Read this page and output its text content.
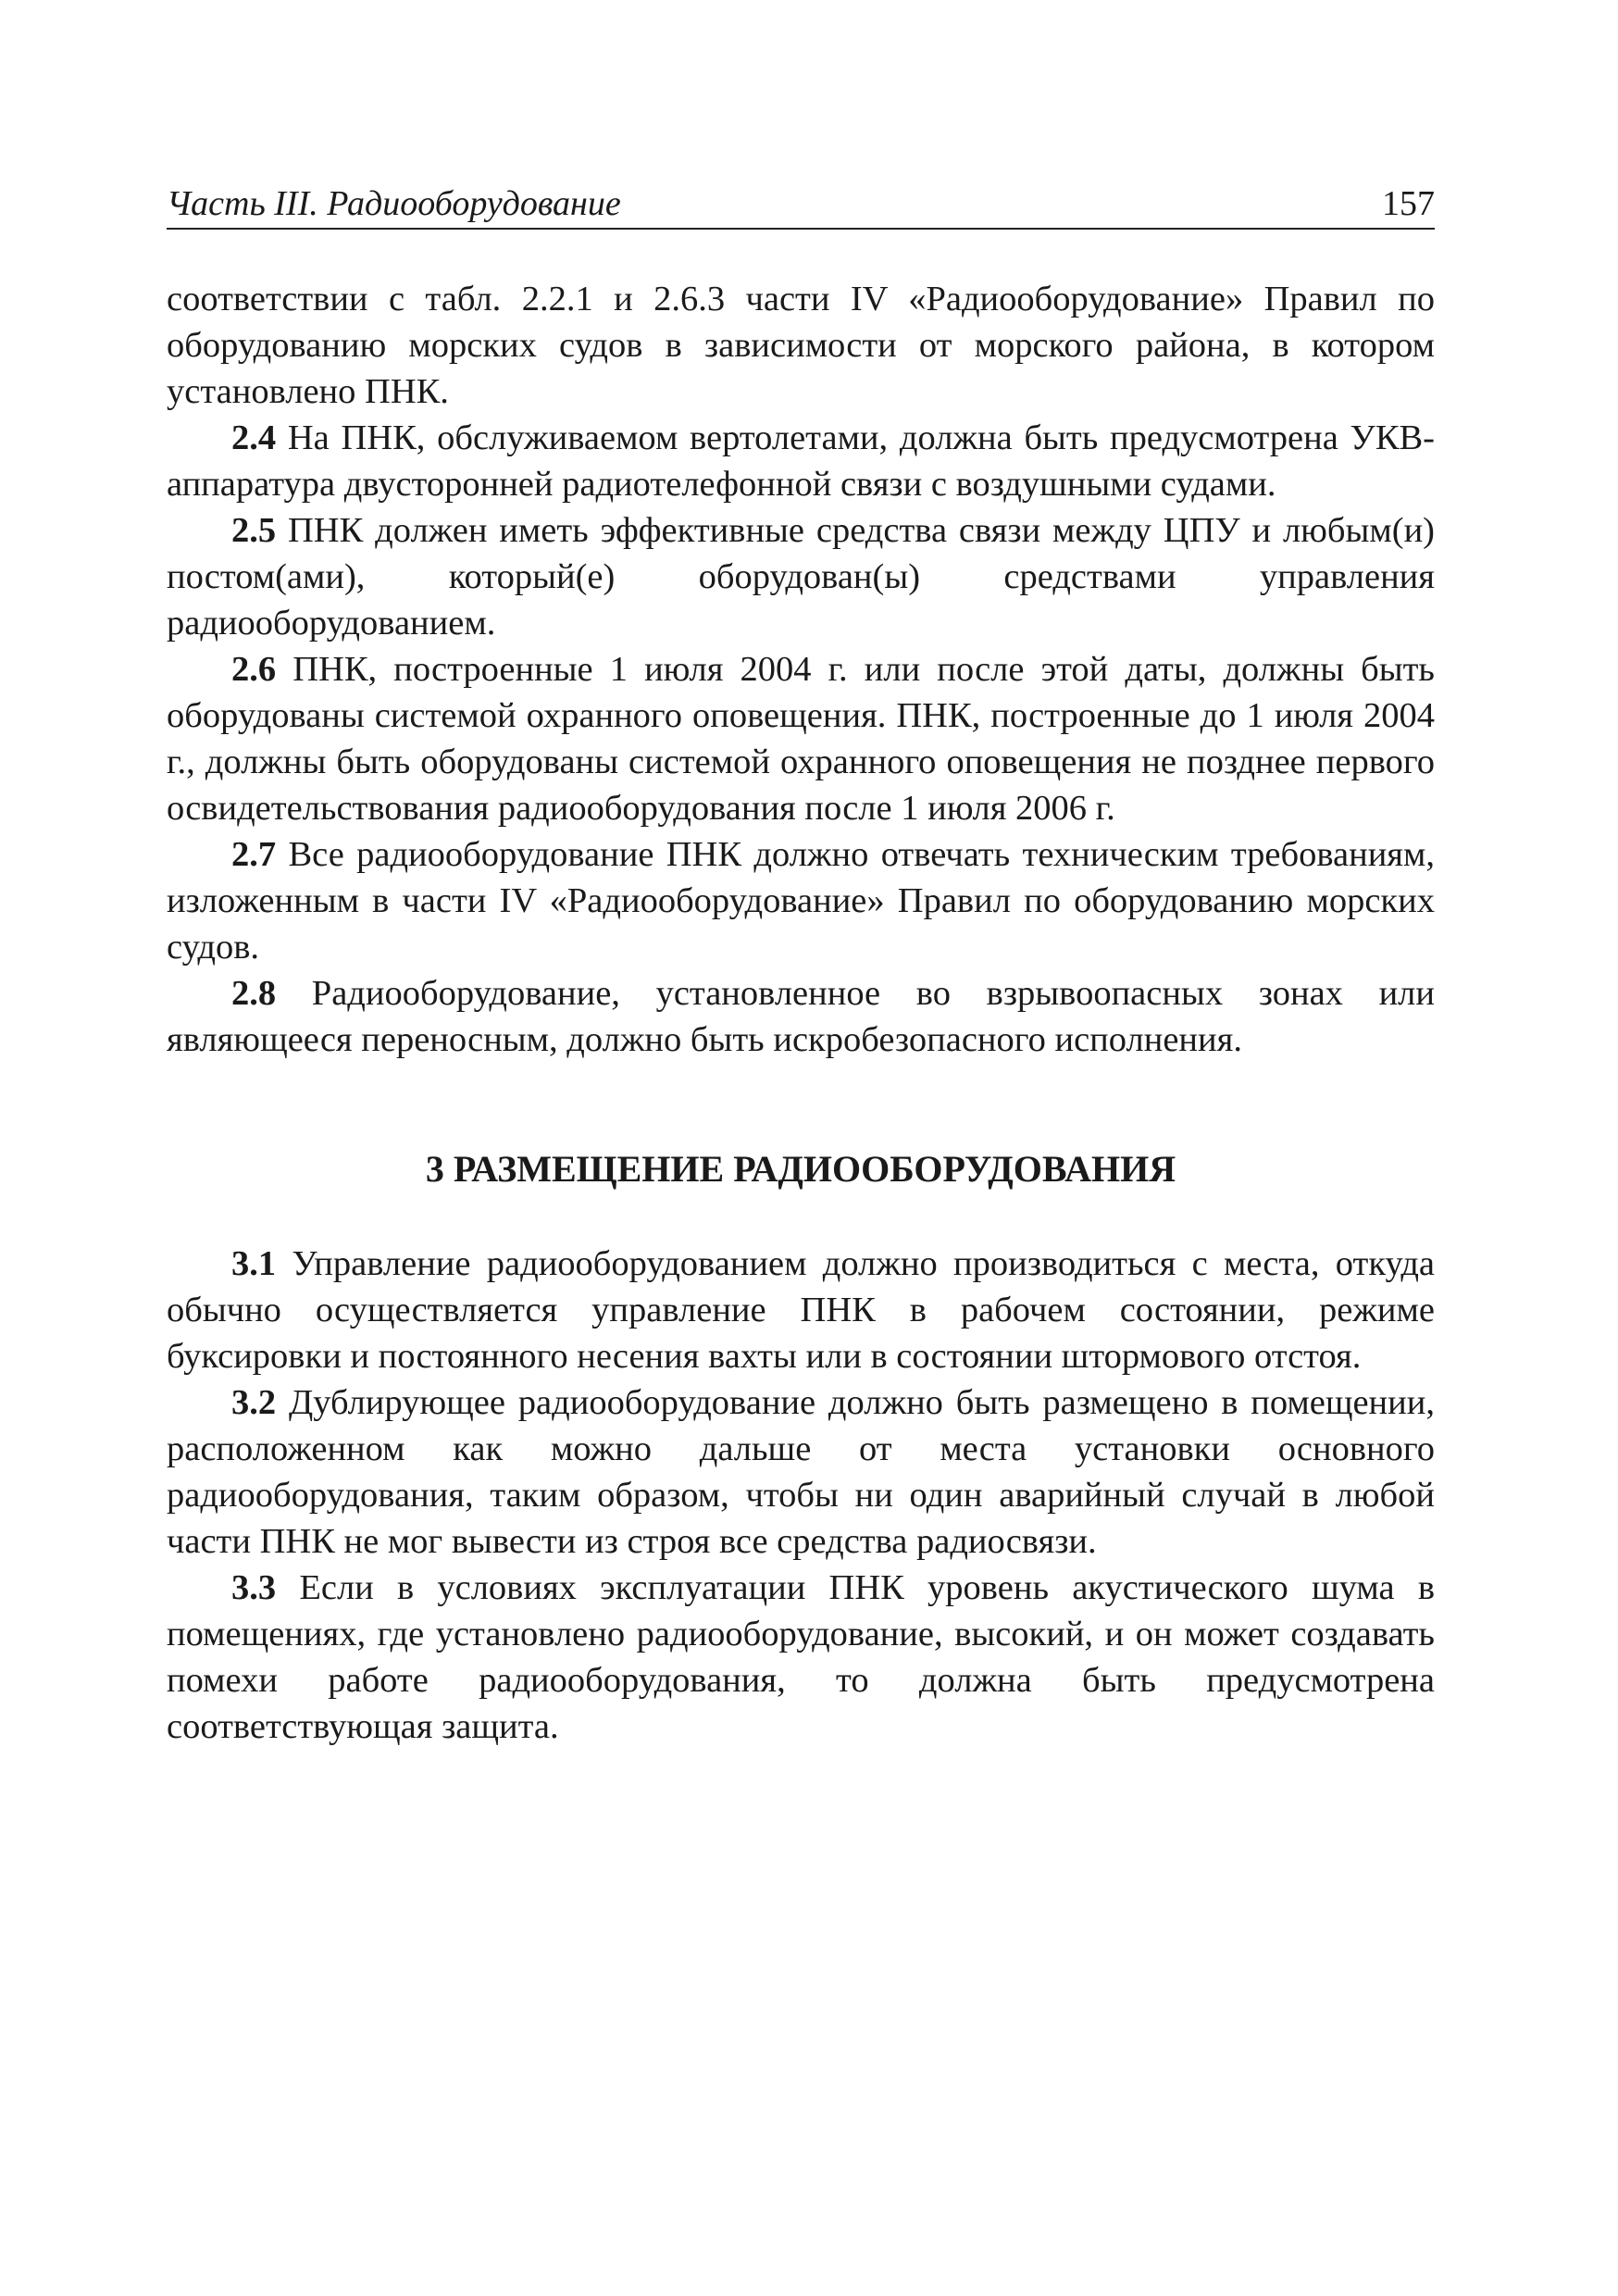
Часть III. Радиооборудование	157

соответствии с табл. 2.2.1 и 2.6.3 части IV «Радиооборудование» Правил по оборудованию морских судов в зависимости от морского района, в котором установлено ПНК.

2.4 На ПНК, обслуживаемом вертолетами, должна быть предусмотрена УКВ-аппаратура двусторонней радиотелефонной связи с воздушными судами.

2.5 ПНК должен иметь эффективные средства связи между ЦПУ и любым(и) постом(ами), который(е) оборудован(ы) средствами управления радиооборудованием.

2.6 ПНК, построенные 1 июля 2004 г. или после этой даты, должны быть оборудованы системой охранного оповещения. ПНК, построенные до 1 июля 2004 г., должны быть оборудованы системой охранного оповещения не позднее первого освидетельствования радиооборудования после 1 июля 2006 г.

2.7 Все радиооборудование ПНК должно отвечать техническим требованиям, изложенным в части IV «Радиооборудование» Правил по оборудованию морских судов.

2.8 Радиооборудование, установленное во взрывоопасных зонах или являющееся переносным, должно быть искробезопасного исполнения.

3 РАЗМЕЩЕНИЕ РАДИООБОРУДОВАНИЯ

3.1 Управление радиооборудованием должно производиться с места, откуда обычно осуществляется управление ПНК в рабочем состоянии, режиме буксировки и постоянного несения вахты или в состоянии штормового отстоя.

3.2 Дублирующее радиооборудование должно быть размещено в помещении, расположенном как можно дальше от места установки основного радиооборудования, таким образом, чтобы ни один аварийный случай в любой части ПНК не мог вывести из строя все средства радиосвязи.

3.3 Если в условиях эксплуатации ПНК уровень акустического шума в помещениях, где установлено радиооборудование, высокий, и он может создавать помехи работе радиооборудования, то должна быть предусмотрена соответствующая защита.
